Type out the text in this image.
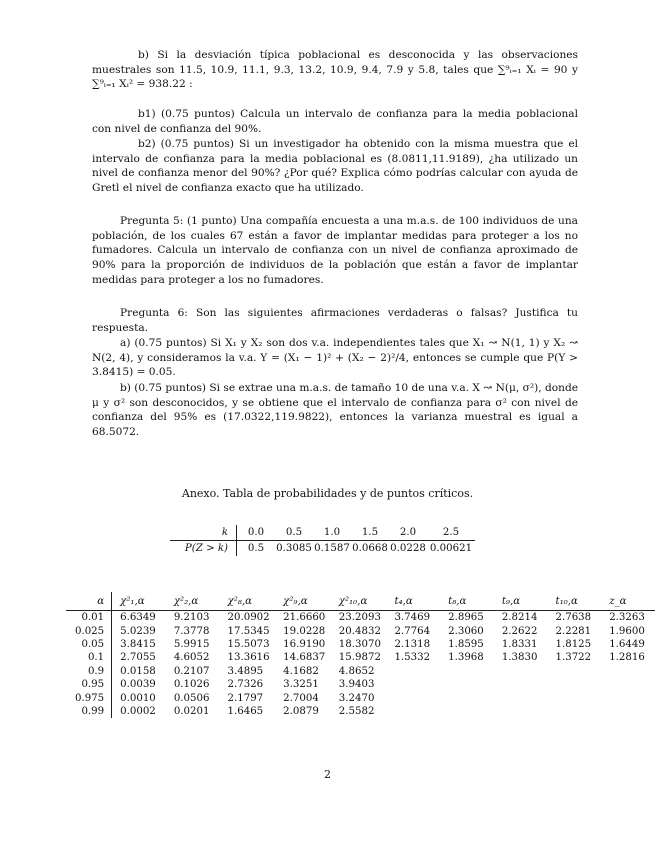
b) Si la desviación típica poblacional es desconocida y las observaciones muestrales son 11.5, 10.9, 11.1, 9.3, 13.2, 10.9, 9.4, 7.9 y 5.8, tales que ∑⁹ᵢ₌₁ Xᵢ = 90 y ∑⁹ᵢ₌₁ Xᵢ² = 938.22 :

b1) (0.75 puntos) Calcula un intervalo de confianza para la media poblacional con nivel de confianza del 90%.

b2) (0.75 puntos) Si un investigador ha obtenido con la misma muestra que el intervalo de confianza para la media poblacional es (8.0811,11.9189), ¿ha utilizado un nivel de confianza menor del 90%? ¿Por qué? Explica cómo podrías calcular con ayuda de Gretl el nivel de confianza exacto que ha utilizado.

Pregunta 5: (1 punto) Una compañía encuesta a una m.a.s. de 100 individuos de una población, de los cuales 67 están a favor de implantar medidas para proteger a los no fumadores. Calcula un intervalo de confianza con un nivel de confianza aproximado de 90% para la proporción de individuos de la población que están a favor de implantar medidas para proteger a los no fumadores.

Pregunta 6: Son las siguientes afirmaciones verdaderas o falsas? Justifica tu respuesta.

a) (0.75 puntos) Si X₁ y X₂ son dos v.a. independientes tales que X₁ ↝ N(1, 1) y X₂ ↝ N(2, 4), y consideramos la v.a. Y = (X₁ − 1)² + (X₂ − 2)²/4, entonces se cumple que P(Y > 3.8415) = 0.05.

b) (0.75 puntos) Si se extrae una m.a.s. de tamaño 10 de una v.a. X ↝ N(μ, σ²), donde μ y σ² son desconocidos, y se obtiene que el intervalo de confianza para σ² con nivel de confianza del 95% es (17.0322,119.9822), entonces la varianza muestral es igual a 68.5072.

Anexo. Tabla de probabilidades y de puntos críticos.
k	0.0	0.5	1.0	1.5	2.0	2.5
P(Z > k)	0.5	0.3085	0.1587	0.0668	0.0228	0.00621
α	χ²₁,α	χ²₂,α	χ²₈,α	χ²₉,α	χ²₁₀,α	t₄,α	t₈,α	t₉,α	t₁₀,α	z_α
0.01	6.6349	9.2103	20.0902	21.6660	23.2093	3.7469	2.8965	2.8214	2.7638	2.3263
0.025	5.0239	7.3778	17.5345	19.0228	20.4832	2.7764	2.3060	2.2622	2.2281	1.9600
0.05	3.8415	5.9915	15.5073	16.9190	18.3070	2.1318	1.8595	1.8331	1.8125	1.6449
0.1	2.7055	4.6052	13.3616	14.6837	15.9872	1.5332	1.3968	1.3830	1.3722	1.2816
0.9	0.0158	0.2107	3.4895	4.1682	4.8652					
0.95	0.0039	0.1026	2.7326	3.3251	3.9403					
0.975	0.0010	0.0506	2.1797	2.7004	3.2470					
0.99	0.0002	0.0201	1.6465	2.0879	2.5582					
2
